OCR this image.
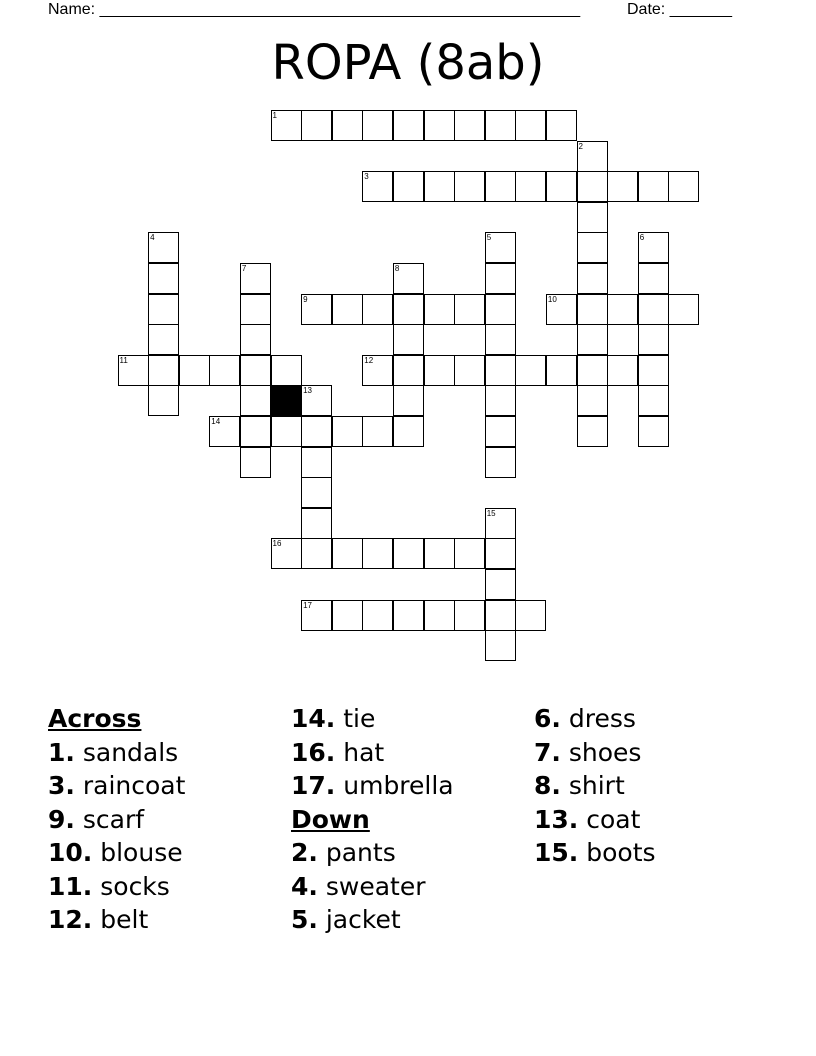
Name: ______________________________________________________	Date: _______
ROPA (8ab)
1
2
3
4	5	6
7	8
9	10
11	12
13
14
15
16
17
Across
1. sandals
3. raincoat
9. scarf
10. blouse
11. socks
12. belt
14. tie
16. hat
17. umbrella
Down
2. pants
4. sweater
5. jacket
6. dress
7. shoes
8. shirt
13. coat
15. boots
